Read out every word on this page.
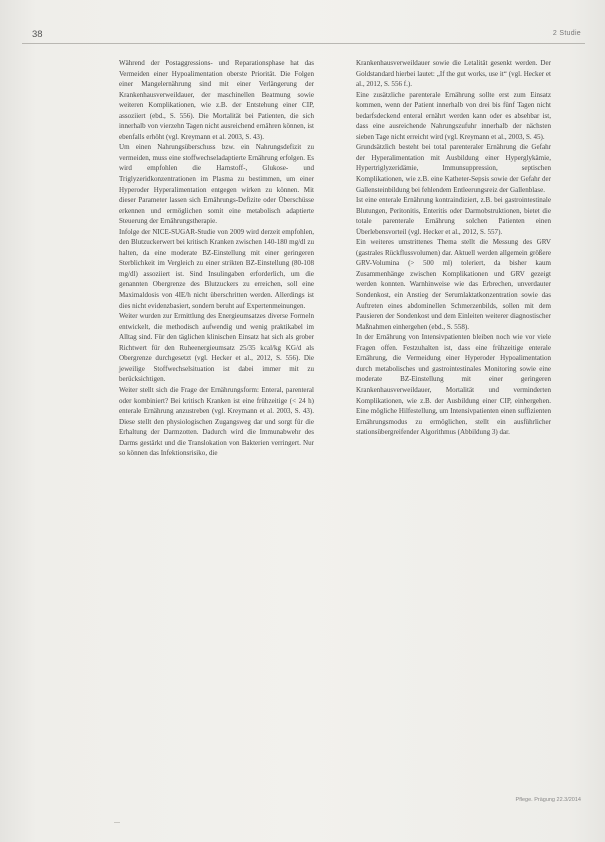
38	2 Studie

Während der Postaggressions- und Reparationsphase hat das Vermeiden einer Hypoalimentation oberste Priorität. Die Folgen einer Mangelernährung sind mit einer Verlängerung der Krankenhausverweildauer, der maschinellen Beatmung sowie weiteren Komplikationen, wie z.B. der Entstehung einer CIP, assoziiert (ebd., S. 556). Die Mortalität bei Patienten, die sich innerhalb von vierzehn Tagen nicht ausreichend ernähren können, ist ebenfalls erhöht (vgl. Kreymann et al. 2003, S. 43).

Um einen Nahrungsüberschuss bzw. ein Nahrungsdefizit zu vermeiden, muss eine stoffwechseladaptierte Ernährung erfolgen. Es wird empfohlen die Harnstoff-, Glukose- und Triglyzeridkonzentrationen im Plasma zu bestimmen, um einer Hyperoder Hyperalimentation entgegen wirken zu können. Mit dieser Parameter lassen sich Ernährungs-Defizite oder Überschüsse erkennen und ermöglichen somit eine metabolisch adaptierte Steuerung der Ernährungstherapie.

Infolge der NICE-SUGAR-Studie von 2009 wird derzeit empfohlen, den Blutzuckerwert bei kritisch Kranken zwischen 140-180 mg/dl zu halten, da eine moderate BZ-Einstellung mit einer geringeren Sterblichkeit im Vergleich zu einer strikten BZ-Einstellung (80-108 mg/dl) assoziiert ist. Sind Insulingaben erforderlich, um die genannten Obergrenze des Blutzuckers zu erreichen, soll eine Maximaldosis von 4IE/h nicht überschritten werden. Allerdings ist dies nicht evidenzbasiert, sondern beruht auf Expertenmeinungen.

Weiter wurden zur Ermittlung des Energieumsatzes diverse Formeln entwickelt, die methodisch aufwendig und wenig praktikabel im Alltag sind. Für den täglichen klinischen Einsatz hat sich als grober Richtwert für den Ruheenergieumsatz 25/35 kcal/kg KG/d als Obergrenze durchgesetzt (vgl. Hecker et al., 2012, S. 556). Die jeweilige Stoffwechselsituation ist dabei immer mit zu berücksichtigen.

Weiter stellt sich die Frage der Ernährungsform: Enteral, parenteral oder kombiniert? Bei kritisch Kranken ist eine frühzeitige (< 24 h) enterale Ernährung anzustreben (vgl. Kreymann et al. 2003, S. 43). Diese stellt den physiologischen Zugangsweg dar und sorgt für die Erhaltung der Darmzotten. Dadurch wird die Immunabwehr des Darms gestärkt und die Translokation von Bakterien verringert. Nur so können das Infektionsrisiko, die

Krankenhausverweildauer sowie die Letalität gesenkt werden. Der Goldstandard hierbei lautet: „If the gut works, use it“ (vgl. Hecker et al., 2012, S. 556 f.).

Eine zusätzliche parenterale Ernährung sollte erst zum Einsatz kommen, wenn der Patient innerhalb von drei bis fünf Tagen nicht bedarfsdeckend enteral ernährt werden kann oder es absehbar ist, dass eine ausreichende Nahrungszufuhr innerhalb der nächsten sieben Tage nicht erreicht wird (vgl. Kreymann et al., 2003, S. 45).

Grundsätzlich besteht bei total parenteraler Ernährung die Gefahr der Hyperalimentation mit Ausbildung einer Hyperglykämie, Hypertriglyzeridämie, Immunsuppression, septischen Komplikationen, wie z.B. eine Katheter-Sepsis sowie der Gefahr der Gallensteinbildung bei fehlendem Entleerungsreiz der Gallenblase.

Ist eine enterale Ernährung kontraindiziert, z.B. bei gastrointestinale Blutungen, Peritonitis, Enteritis oder Darmobstruktionen, bietet die totale parenterale Ernährung solchen Patienten einen Überlebensvorteil (vgl. Hecker et al., 2012, S. 557).

Ein weiteres umstrittenes Thema stellt die Messung des GRV (gastrales Rückflussvolumen) dar. Aktuell werden allgemein größere GRV-Volumina (> 500 ml) toleriert, da bisher kaum Zusammenhänge zwischen Komplikationen und GRV gezeigt werden konnten. Warnhinweise wie das Erbrechen, unverdauter Sondenkost, ein Anstieg der Serumlaktatkonzentration sowie das Auftreten eines abdominellen Schmerzenbilds, sollen mit dem Pausieren der Sondenkost und dem Einleiten weiterer diagnostischer Maßnahmen einhergehen (ebd., S. 558).

In der Ernährung von Intensivpatienten bleiben noch wie vor viele Fragen offen. Festzuhalten ist, dass eine frühzeitige enterale Ernährung, die Vermeidung einer Hyperoder Hypoalimentation durch metabolisches und gastrointestinales Monitoring sowie eine moderate BZ-Einstellung mit einer geringeren Krankenhausverweildauer, Mortalität und verminderten Komplikationen, wie z.B. der Ausbildung einer CIP, einhergehen. Eine mögliche Hilfestellung, um Intensivpatienten einen suffizienten Ernährungsmodus zu ermöglichen, stellt ein ausführlicher stationsübergreifender Algorithmus (Abbildung 3) dar.

Pflege. Prägung 22.3/2014
